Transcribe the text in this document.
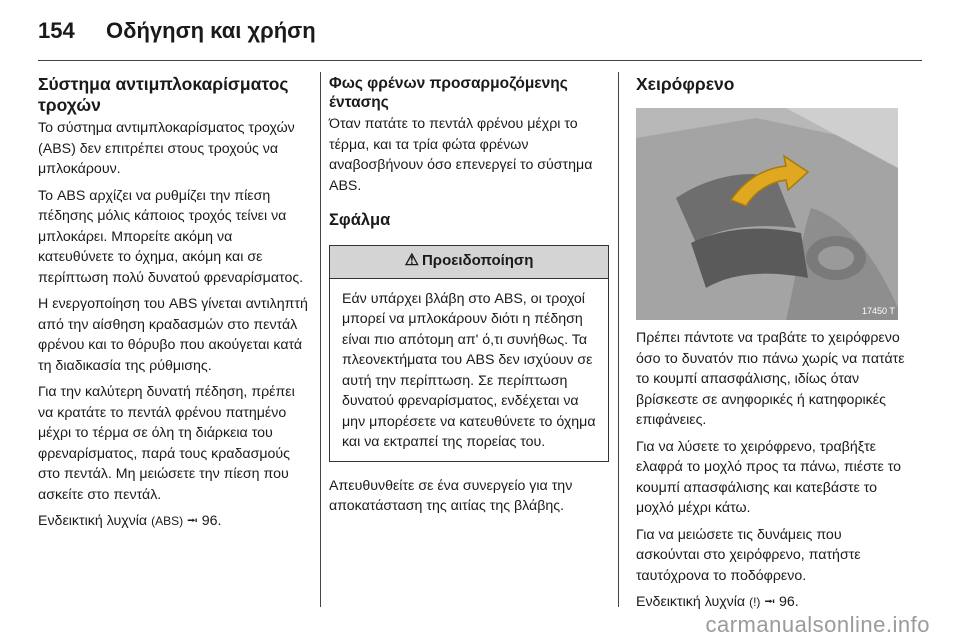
154 Οδήγηση και χρήση
Σύστημα αντιμπλοκαρίσματος τροχών

Το σύστημα αντιμπλοκαρίσματος τροχών (ABS) δεν επιτρέπει στους τροχούς να μπλοκάρουν.

Το ABS αρχίζει να ρυθμίζει την πίεση πέδησης μόλις κάποιος τροχός τείνει να μπλοκάρει. Μπορείτε ακόμη να κατευθύνετε το όχημα, ακόμη και σε περίπτωση πολύ δυνατού φρεναρίσματος.

Η ενεργοποίηση του ABS γίνεται αντιληπτή από την αίσθηση κραδασμών στο πεντάλ φρένου και το θόρυβο που ακούγεται κατά τη διαδικασία της ρύθμισης.

Για την καλύτερη δυνατή πέδηση, πρέπει να κρατάτε το πεντάλ φρένου πατημένο μέχρι το τέρμα σε όλη τη διάρκεια του φρεναρίσματος, παρά τους κραδασμούς στο πεντάλ. Μη μειώσετε την πίεση που ασκείτε στο πεντάλ.

Ενδεικτική λυχνία (ABS) ⭲ 96.

Φως φρένων προσαρμοζόμενης έντασης

Όταν πατάτε το πεντάλ φρένου μέχρι το τέρμα, και τα τρία φώτα φρένων αναβοσβήνουν όσο επενεργεί το σύστημα ABS.

Σφάλμα
⚠ Προειδοποίηση
Εάν υπάρχει βλάβη στο ABS, οι τροχοί μπορεί να μπλοκάρουν διότι η πέδηση είναι πιο απότομη απ' ό,τι συνήθως. Τα πλεονεκτήματα του ABS δεν ισχύουν σε αυτή την περίπτωση. Σε περίπτωση δυνατού φρεναρίσματος, ενδέχεται να μην μπορέσετε να κατευθύνετε το όχημα και να εκτραπεί της πορείας του.

Απευθυνθείτε σε ένα συνεργείο για την αποκατάσταση της αιτίας της βλάβης.

Χειρόφρενο
17450 T

Πρέπει πάντοτε να τραβάτε το χειρόφρενο όσο το δυνατόν πιο πάνω χωρίς να πατάτε το κουμπί απασφάλισης, ιδίως όταν βρίσκεστε σε ανηφορικές ή κατηφορικές επιφάνειες.

Για να λύσετε το χειρόφρενο, τραβήξτε ελαφρά το μοχλό προς τα πάνω, πιέστε το κουμπί απασφάλισης και κατεβάστε το μοχλό μέχρι κάτω.

Για να μειώσετε τις δυνάμεις που ασκούνται στο χειρόφρενο, πατήστε ταυτόχρονα το ποδόφρενο.

Ενδεικτική λυχνία (!) ⭲ 96.

carmanualsonline.info
